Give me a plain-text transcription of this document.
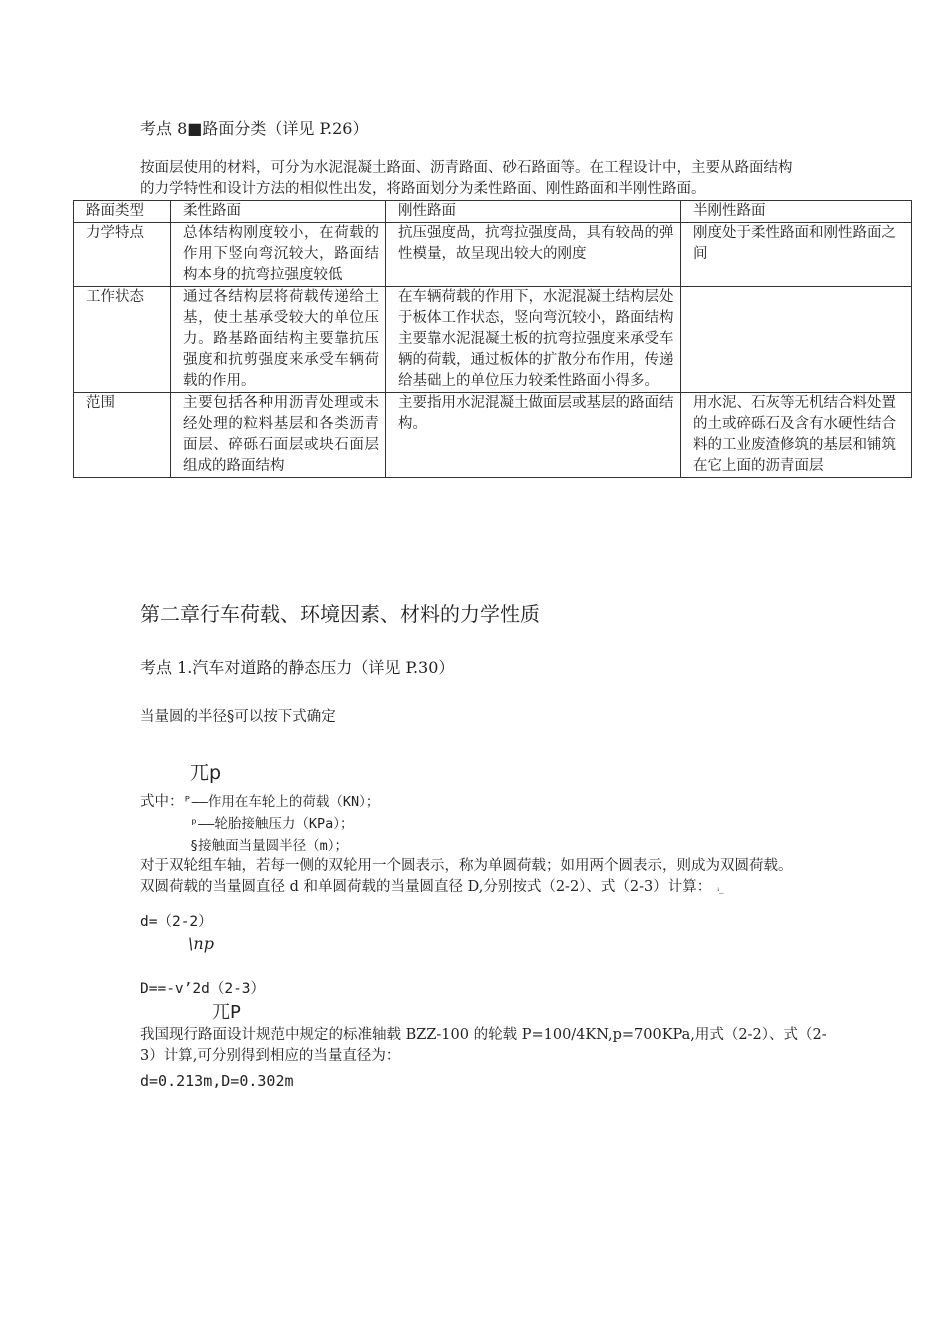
考点 8■路面分类（详见 P.26）
按面层使用的材料，可分为水泥混凝土路面、沥青路面、砂石路面等。在工程设计中，主要从路面结构
的力学特性和设计方法的相似性出发，将路面划分为柔性路面、刚性路面和半刚性路面。
路面类型	柔性路面	刚性路面	半刚性路面
力学特点	总体结构刚度较小，在荷载的作用下竖向弯沉较大，路面结构本身的抗弯拉强度较低	抗压强度咼，抗弯拉强度咼，具有较咼的弹性模量，故呈现出较大的刚度	刚度处于柔性路面和刚性路面之间
工作状态	通过各结构层将荷载传递给土基，使土基承受较大的单位压力。路基路面结构主要靠抗压强度和抗剪强度来承受车辆荷载的作用。	在车辆荷载的作用下，水泥混凝土结构层处于板体工作状态，竖向弯沉较小，路面结构主要靠水泥混凝土板的抗弯拉强度来承受车辆的荷载，通过板体的扩散分布作用，传递给基础上的单位压力较柔性路面小得多。	
范围	主要包括各种用沥青处理或未经处理的粒料基层和各类沥青面层、碎砾石面层或块石面层组成的路面结构	主要指用水泥混凝土做面层或基层的路面结构。	用水泥、石灰等无机结合料处置的土或碎砾石及含有水硬性结合料的工业废渣修筑的基层和铺筑在它上面的沥青面层
第二章行车荷载、环境因素、材料的力学性质
考点 1.汽车对道路的静态压力（详见 P.30）
当量圆的半径§可以按下式确定
兀p
式中：ᴾ——作用在车轮上的荷载（KN）；
ᵖ——轮胎接触压力（KPa）；
§接触面当量圆半径（m）；
对于双轮组车轴，若每一侧的双轮用一个圆表示，称为单圆荷载；如用两个圆表示，则成为双圆荷载。
双圆荷载的当量圆直径 d 和单圆荷载的当量圆直径 D,分别按式（2-2）、式（2-3）计算： ᵢ_
d=（2-2）
\np
D==-v’2d（2-3）
兀P
我国现行路面设计规范中规定的标准轴载 BZZ-100 的轮载 P=100/4KN,p=700KPa,用式（2-2）、式（2-
3）计算,可分别得到相应的当量直径为：
d=0.213m,D=0.302m
